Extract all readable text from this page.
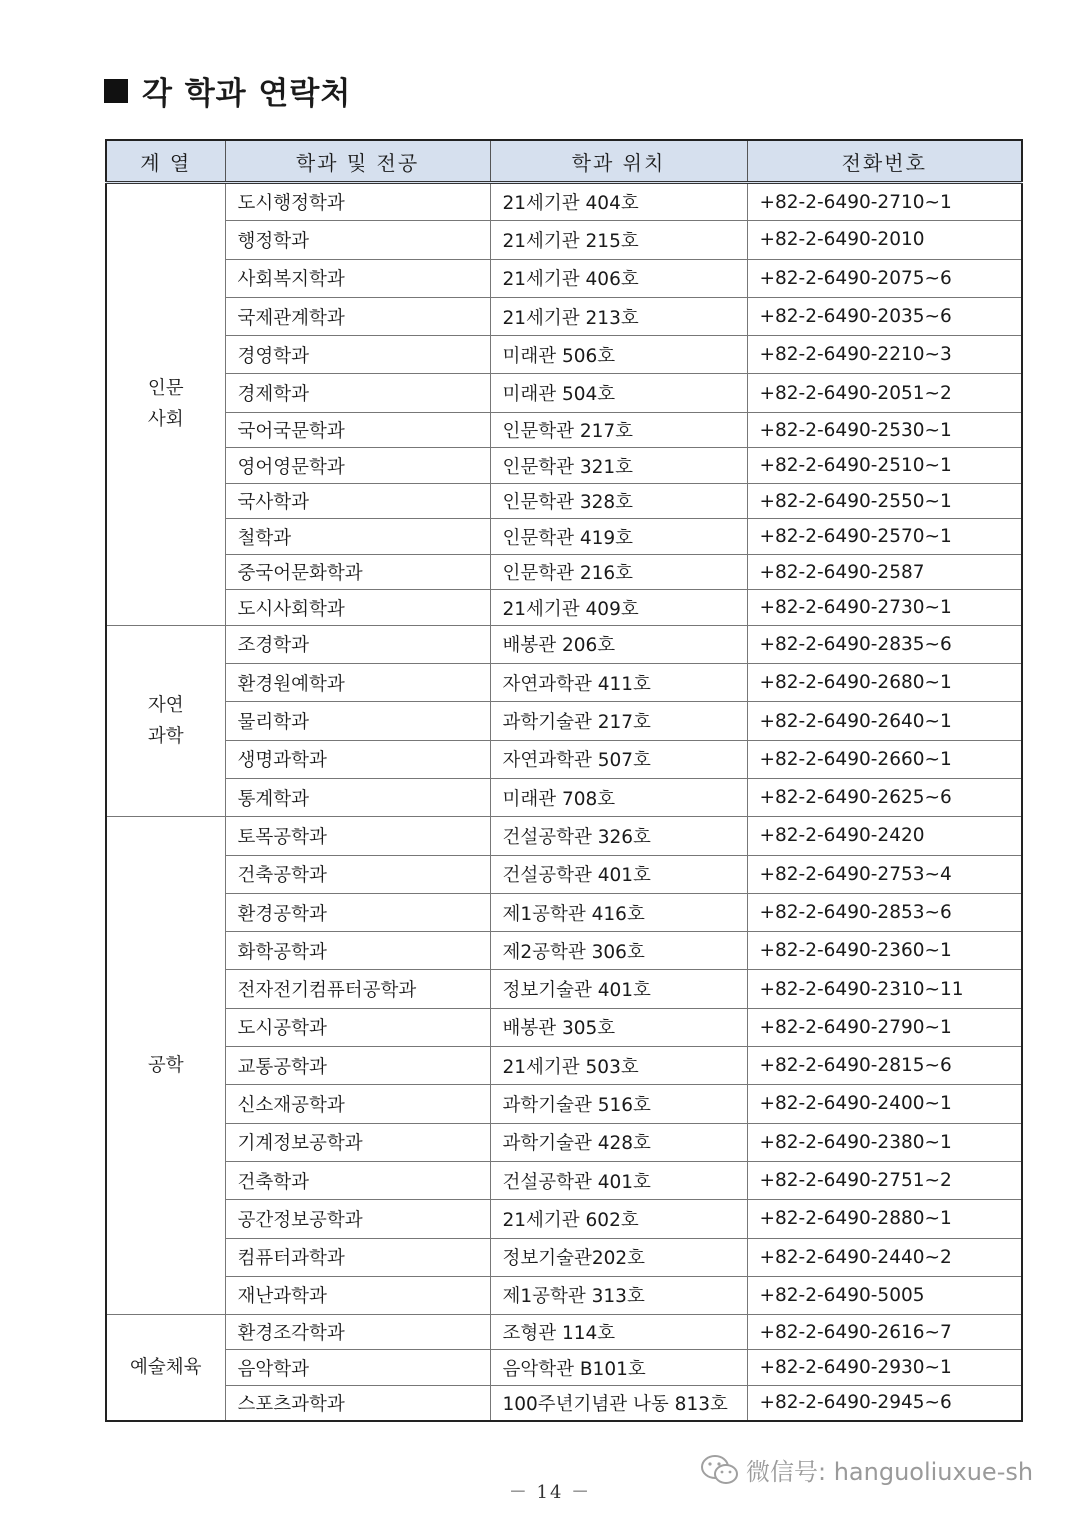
각 학과 연락처
계 열	학과 및 전공	학과 위치	전화번호
인문
사회	도시행정학과	21세기관 404호	+82-2-6490-2710~1
	행정학과	21세기관 215호	+82-2-6490-2010
	사회복지학과	21세기관 406호	+82-2-6490-2075~6
	국제관계학과	21세기관 213호	+82-2-6490-2035~6
	경영학과	미래관 506호	+82-2-6490-2210~3
	경제학과	미래관 504호	+82-2-6490-2051~2
	국어국문학과	인문학관 217호	+82-2-6490-2530~1
	영어영문학과	인문학관 321호	+82-2-6490-2510~1
	국사학과	인문학관 328호	+82-2-6490-2550~1
	철학과	인문학관 419호	+82-2-6490-2570~1
	중국어문화학과	인문학관 216호	+82-2-6490-2587
	도시사회학과	21세기관 409호	+82-2-6490-2730~1
자연
과학	조경학과	배봉관 206호	+82-2-6490-2835~6
	환경원예학과	자연과학관 411호	+82-2-6490-2680~1
	물리학과	과학기술관 217호	+82-2-6490-2640~1
	생명과학과	자연과학관 507호	+82-2-6490-2660~1
	통계학과	미래관 708호	+82-2-6490-2625~6
공학	토목공학과	건설공학관 326호	+82-2-6490-2420
	건축공학과	건설공학관 401호	+82-2-6490-2753~4
	환경공학과	제1공학관 416호	+82-2-6490-2853~6
	화학공학과	제2공학관 306호	+82-2-6490-2360~1
	전자전기컴퓨터공학과	정보기술관 401호	+82-2-6490-2310~11
	도시공학과	배봉관 305호	+82-2-6490-2790~1
	교통공학과	21세기관 503호	+82-2-6490-2815~6
	신소재공학과	과학기술관 516호	+82-2-6490-2400~1
	기계정보공학과	과학기술관 428호	+82-2-6490-2380~1
	건축학과	건설공학관 401호	+82-2-6490-2751~2
	공간정보공학과	21세기관 602호	+82-2-6490-2880~1
	컴퓨터과학과	정보기술관202호	+82-2-6490-2440~2
	재난과학과	제1공학관 313호	+82-2-6490-5005
예술체육	환경조각학과	조형관 114호	+82-2-6490-2616~7
	음악학과	음악학관 B101호	+82-2-6490-2930~1
	스포츠과학과	100주년기념관 나동 813호	+82-2-6490-2945~6
－ 14 －
微信号: hanguoliuxue-sh
